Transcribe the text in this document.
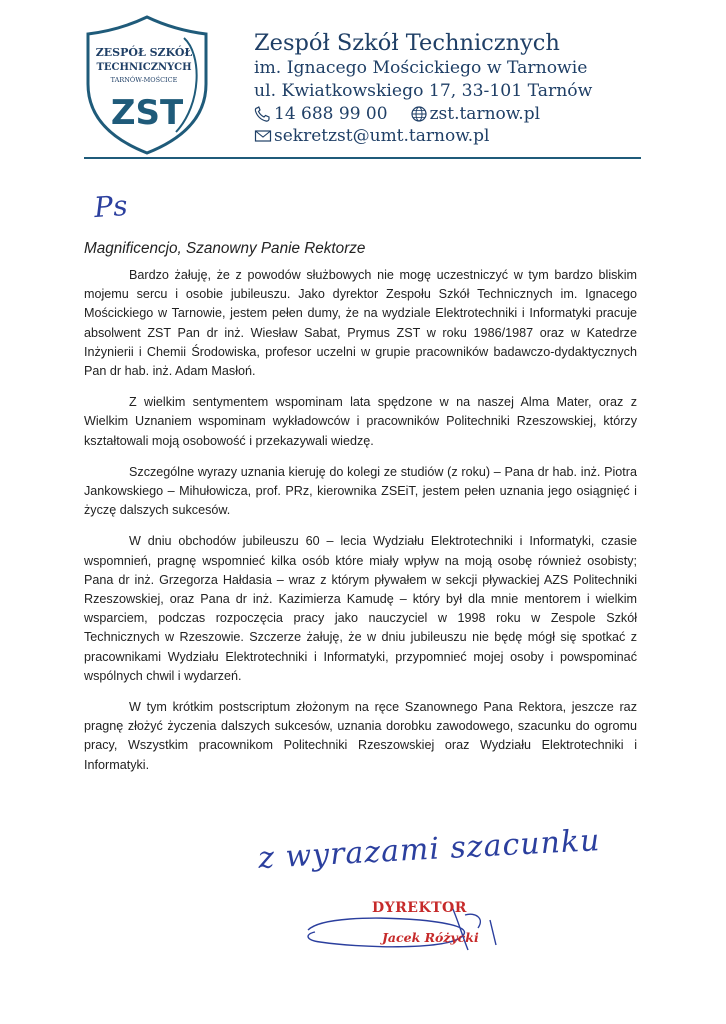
ZESPÓŁ SZKÓŁ
TECHNICZNYCH
TARNÓW-MOŚCICE
ZST
Zespół Szkół Technicznych
im. Ignacego Mościckiego w Tarnowie
ul. Kwiatkowskiego 17, 33-101 Tarnów
14 688 99 00 zst.tarnow.pl
sekretzst@umt.tarnow.pl
Ps
Magnificencjo, Szanowny Panie Rektorze

Bardzo żałuję, że z powodów służbowych nie mogę uczestniczyć w tym bardzo bliskim mojemu sercu i osobie jubileuszu. Jako dyrektor Zespołu Szkół Technicznych im. Ignacego Mościckiego w Tarnowie, jestem pełen dumy, że na wydziale Elektrotechniki i Informatyki pracuje absolwent ZST Pan dr inż. Wiesław Sabat, Prymus ZST w roku 1986/1987 oraz w Katedrze Inżynierii i Chemii Środowiska, profesor uczelni w grupie pracowników badawczo-dydaktycznych Pan dr hab. inż. Adam Masłoń.

Z wielkim sentymentem wspominam lata spędzone w na naszej Alma Mater, oraz z Wielkim Uznaniem wspominam wykładowców i pracowników Politechniki Rzeszowskiej, którzy kształtowali moją osobowość i przekazywali wiedzę.

Szczególne wyrazy uznania kieruję do kolegi ze studiów (z roku) – Pana dr hab. inż. Piotra Jankowskiego – Mihułowicza, prof. PRz, kierownika ZSEiT, jestem pełen uznania jego osiągnięć i życzę dalszych sukcesów.

W dniu obchodów jubileuszu 60 – lecia Wydziału Elektrotechniki i Informatyki, czasie wspomnień, pragnę wspomnieć kilka osób które miały wpływ na moją osobę również osobisty; Pana dr inż. Grzegorza Hałdasia – wraz z którym pływałem w sekcji pływackiej AZS Politechniki Rzeszowskiej, oraz Pana dr inż. Kazimierza Kamudę – który był dla mnie mentorem i wielkim wsparciem, podczas rozpoczęcia pracy jako nauczyciel w 1998 roku w Zespole Szkół Technicznych w Rzeszowie. Szczerze żałuję, że w dniu jubileuszu nie będę mógł się spotkać z pracownikami Wydziału Elektrotechniki i Informatyki, przypomnieć mojej osoby i powspominać wspólnych chwil i wydarzeń.

W tym krótkim postscriptum złożonym na ręce Szanownego Pana Rektora, jeszcze raz pragnę złożyć życzenia dalszych sukcesów, uznania dorobku zawodowego, szacunku do ogromu pracy, Wszystkim pracownikom Politechniki Rzeszowskiej oraz Wydziału Elektrotechniki i Informatyki.

z wyrazami szacunku
DYREKTOR
Jacek Różycki
